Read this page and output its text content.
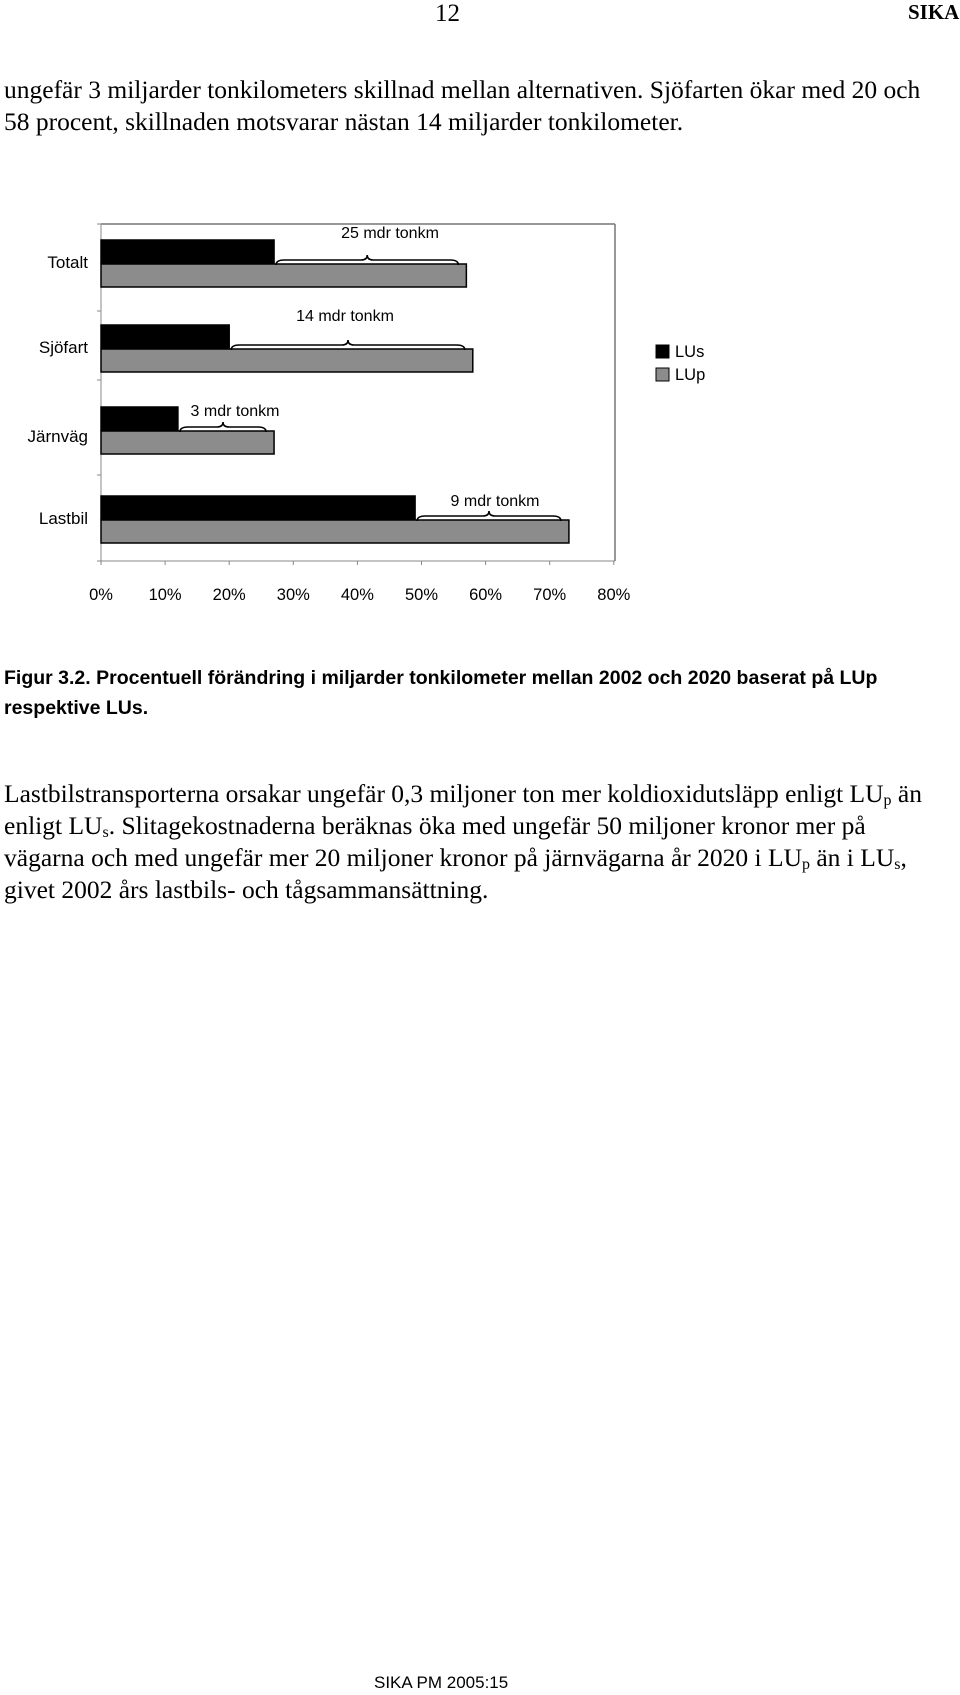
12	SIKA

ungefär 3 miljarder tonkilometers skillnad mellan alternativen. Sjöfarten ökar med 20 och 58 procent, skillnaden motsvarar nästan 14 miljarder tonkilometer.

Totalt
Sjöfart
Järnväg
Lastbil
25 mdr tonkm
14 mdr tonkm
3 mdr tonkm
9 mdr tonkm
0% 10% 20% 30% 40% 50% 60% 70% 80%
LUs
LUp

Figur 3.2. Procentuell förändring i miljarder tonkilometer mellan 2002 och 2020 baserat på LUp respektive LUs.

Lastbilstransporterna orsakar ungefär 0,3 miljoner ton mer koldioxidutsläpp enligt $LU_p$ än enligt $LU_s$. Slitagekostnaderna beräknas öka med ungefär 50 miljoner kronor mer på vägarna och med ungefär mer 20 miljoner kronor på järnvägarna år 2020 i $LU_p$ än i $LU_s$, givet 2002 års lastbils- och tågsammansättning.

SIKA PM 2005:15
